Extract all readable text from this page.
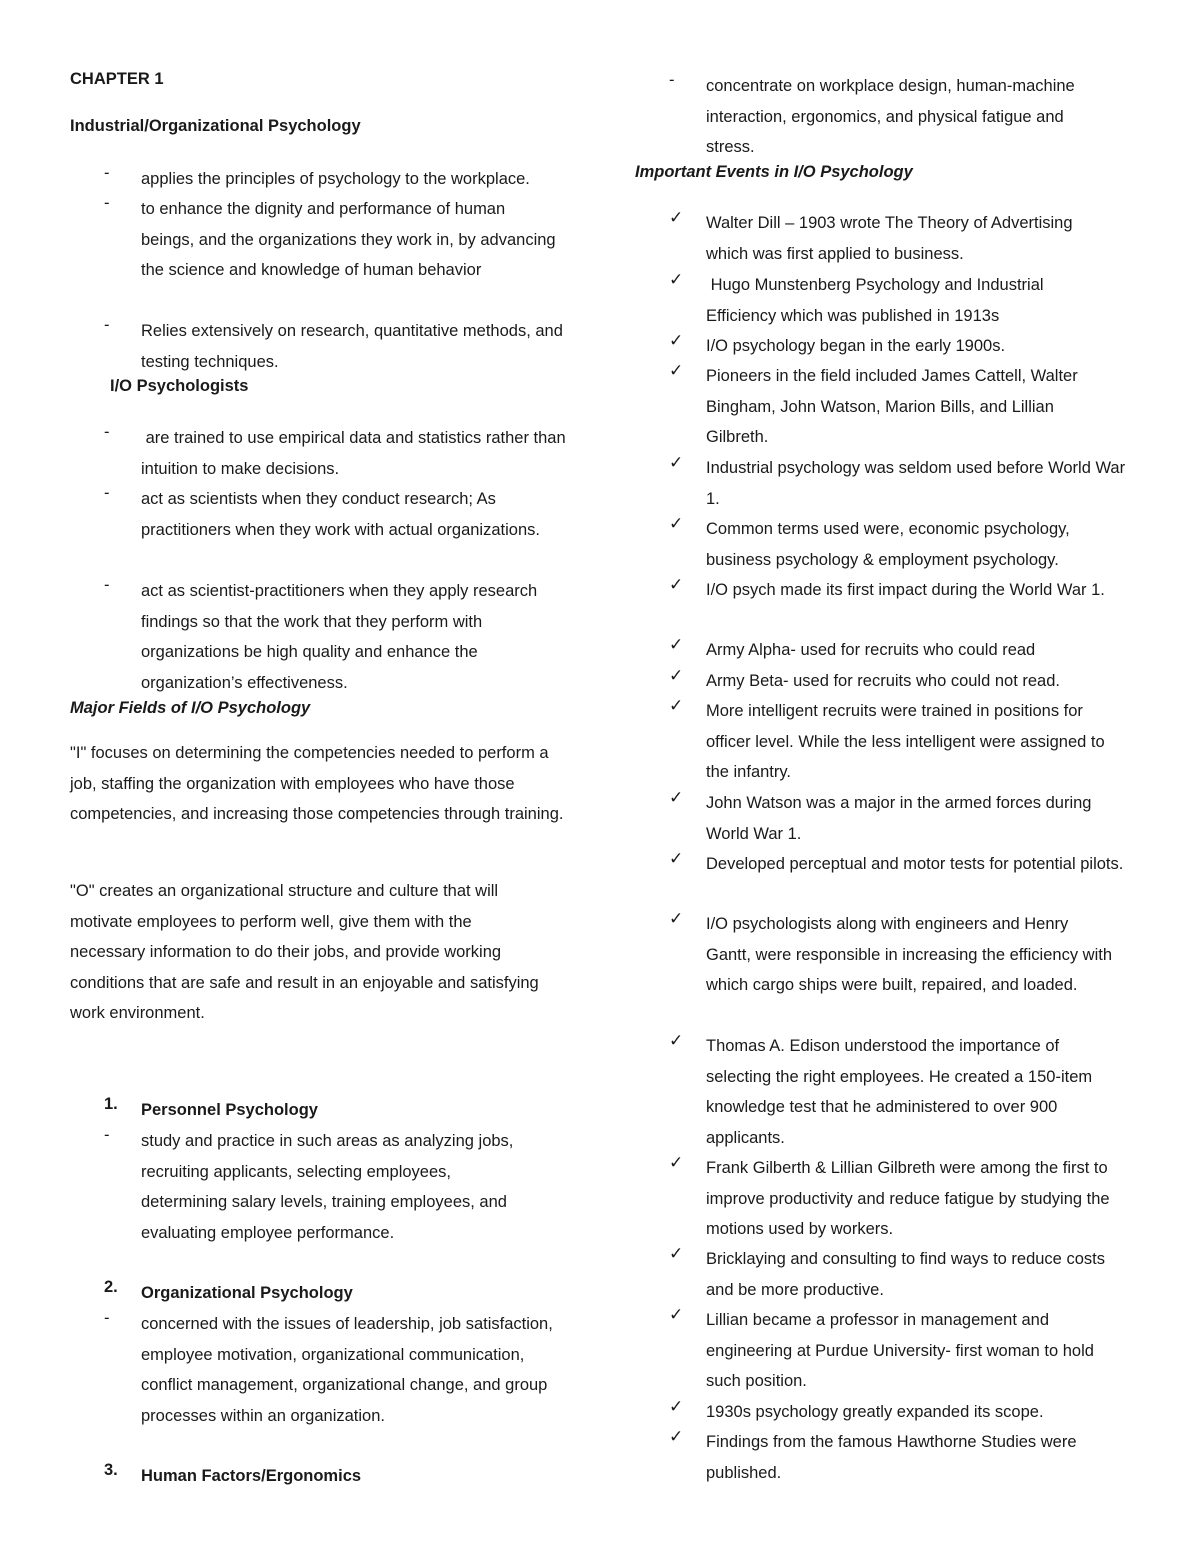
CHAPTER 1
Industrial/Organizational Psychology
- applies the principles of psychology to the workplace.
- to enhance the dignity and performance of human beings, and the organizations they work in, by advancing the science and knowledge of human behavior
- Relies extensively on research, quantitative methods, and testing techniques.
I/O Psychologists
- are trained to use empirical data and statistics rather than intuition to make decisions.
- act as scientists when they conduct research; As practitioners when they work with actual organizations.
- act as scientist-practitioners when they apply research findings so that the work that they perform with organizations be high quality and enhance the organization’s effectiveness.
Major Fields of I/O Psychology

"I" focuses on determining the competencies needed to perform a job, staffing the organization with employees who have those competencies, and increasing those competencies through training.

"O" creates an organizational structure and culture that will motivate employees to perform well, give them with the necessary information to do their jobs, and provide working conditions that are safe and result in an enjoyable and satisfying work environment.

1. Personnel Psychology
- study and practice in such areas as analyzing jobs, recruiting applicants, selecting employees, determining salary levels, training employees, and evaluating employee performance.
2. Organizational Psychology
- concerned with the issues of leadership, job satisfaction, employee motivation, organizational communication, conflict management, organizational change, and group processes within an organization.
3. Human Factors/Ergonomics
- concentrate on workplace design, human-machine interaction, ergonomics, and physical fatigue and stress.
Important Events in I/O Psychology
✓ Walter Dill – 1903 wrote The Theory of Advertising which was first applied to business.
✓ Hugo Munstenberg Psychology and Industrial Efficiency which was published in 1913s
✓ I/O psychology began in the early 1900s.
✓ Pioneers in the field included James Cattell, Walter Bingham, John Watson, Marion Bills, and Lillian Gilbreth.
✓ Industrial psychology was seldom used before World War 1.
✓ Common terms used were, economic psychology, business psychology & employment psychology.
✓ I/O psych made its first impact during the World War 1.
✓ Army Alpha- used for recruits who could read
✓ Army Beta- used for recruits who could not read.
✓ More intelligent recruits were trained in positions for officer level. While the less intelligent were assigned to the infantry.
✓ John Watson was a major in the armed forces during World War 1.
✓ Developed perceptual and motor tests for potential pilots.
✓ I/O psychologists along with engineers and Henry Gantt, were responsible in increasing the efficiency with which cargo ships were built, repaired, and loaded.
✓ Thomas A. Edison understood the importance of selecting the right employees. He created a 150-item knowledge test that he administered to over 900 applicants.
✓ Frank Gilberth & Lillian Gilbreth were among the first to improve productivity and reduce fatigue by studying the motions used by workers.
✓ Bricklaying and consulting to find ways to reduce costs and be more productive.
✓ Lillian became a professor in management and engineering at Purdue University- first woman to hold such position.
✓ 1930s psychology greatly expanded its scope.
✓ Findings from the famous Hawthorne Studies were published.
